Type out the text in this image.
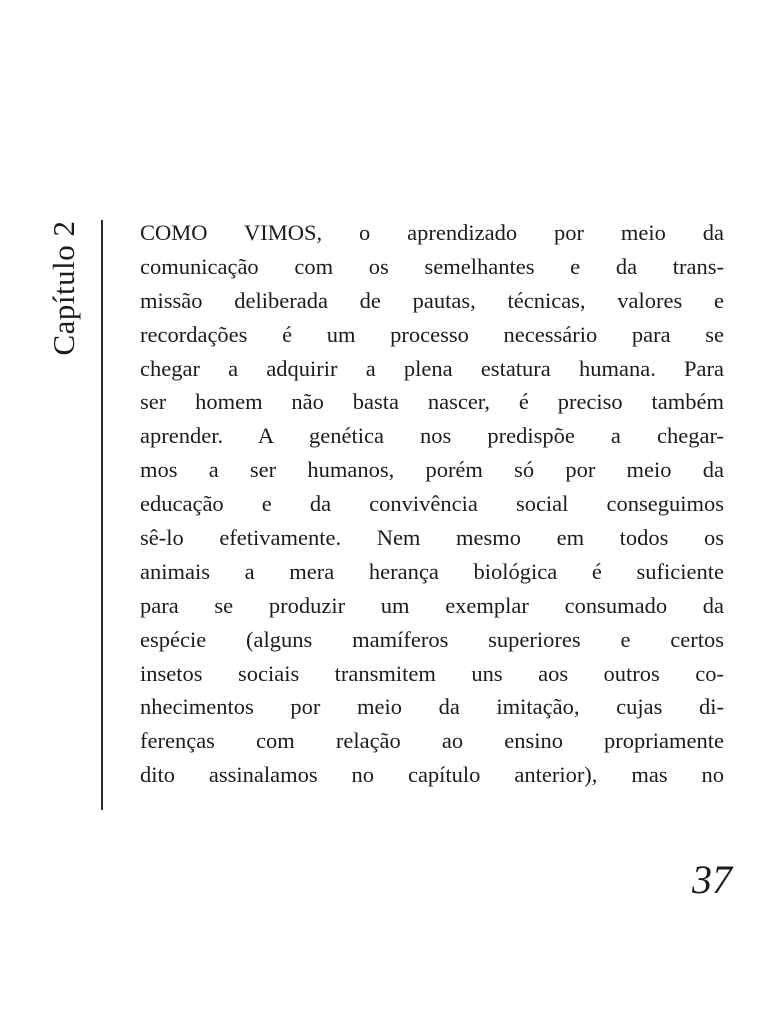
Capítulo 2	COMO VIMOS, o aprendizado por meio da
comunicação com os semelhantes e da trans-
missão deliberada de pautas, técnicas, valores e
recordações é um processo necessário para se
chegar a adquirir a plena estatura humana. Para
ser homem não basta nascer, é preciso também
aprender. A genética nos predispõe a chegar-
mos a ser humanos, porém só por meio da
educação e da convivência social conseguimos
sê-lo efetivamente. Nem mesmo em todos os
animais a mera herança biológica é suficiente
para se produzir um exemplar consumado da
espécie (alguns mamíferos superiores e certos
insetos sociais transmitem uns aos outros co-
nhecimentos por meio da imitação, cujas di-
ferenças com relação ao ensino propriamente
dito assinalamos no capítulo anterior), mas no
37
